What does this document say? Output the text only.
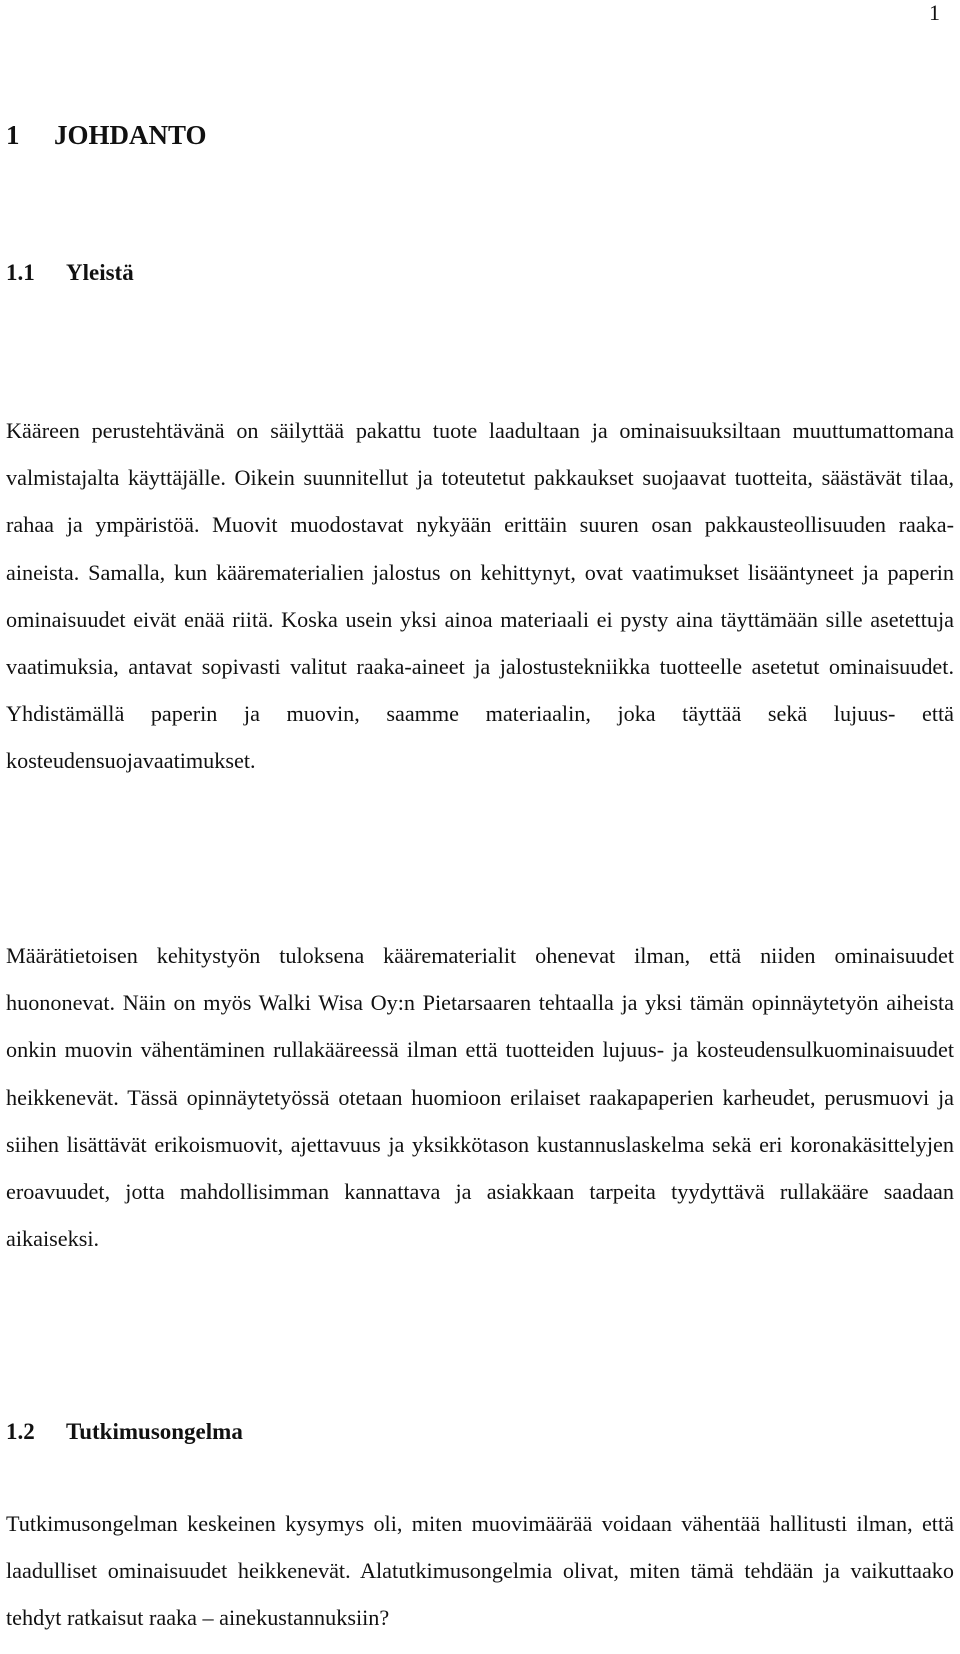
1
1 JOHDANTO
1.1 Yleistä

Kääreen perustehtävänä on säilyttää pakattu tuote laadultaan ja ominaisuuksiltaan muuttumattomana valmistajalta käyttäjälle. Oikein suunnitellut ja toteutetut pakkaukset suojaavat tuotteita, säästävät tilaa, rahaa ja ympäristöä. Muovit muodostavat nykyään erittäin suuren osan pakkausteollisuuden raaka-aineista. Samalla, kun käärematerialien jalostus on kehittynyt, ovat vaatimukset lisääntyneet ja paperin ominaisuudet eivät enää riitä. Koska usein yksi ainoa materiaali ei pysty aina täyttämään sille asetettuja vaatimuksia, antavat sopivasti valitut raaka-aineet ja jalostustekniikka tuotteelle asetetut ominaisuudet. Yhdistämällä paperin ja muovin, saamme materiaalin, joka täyttää sekä lujuus- että kosteudensuojavaatimukset.

Määrätietoisen kehitystyön tuloksena käärematerialit ohenevat ilman, että niiden ominaisuudet huononevat. Näin on myös Walki Wisa Oy:n Pietarsaaren tehtaalla ja yksi tämän opinnäytetyön aiheista onkin muovin vähentäminen rullakääreessä ilman että tuotteiden lujuus- ja kosteudensulkuominaisuudet heikkenevät. Tässä opinnäytetyössä otetaan huomioon erilaiset raakapaperien karheudet, perusmuovi ja siihen lisättävät erikoismuovit, ajettavuus ja yksikkötason kustannuslaskelma sekä eri koronakäsittelyjen eroavuudet, jotta mahdollisimman kannattava ja asiakkaan tarpeita tyydyttävä rullakääre saadaan aikaiseksi.

1.2 Tutkimusongelma

Tutkimusongelman keskeinen kysymys oli, miten muovimäärää voidaan vähentää hallitusti ilman, että laadulliset ominaisuudet heikkenevät. Alatutkimusongelmia olivat, miten tämä tehdään ja vaikuttaako tehdyt ratkaisut raaka – ainekustannuksiin?
